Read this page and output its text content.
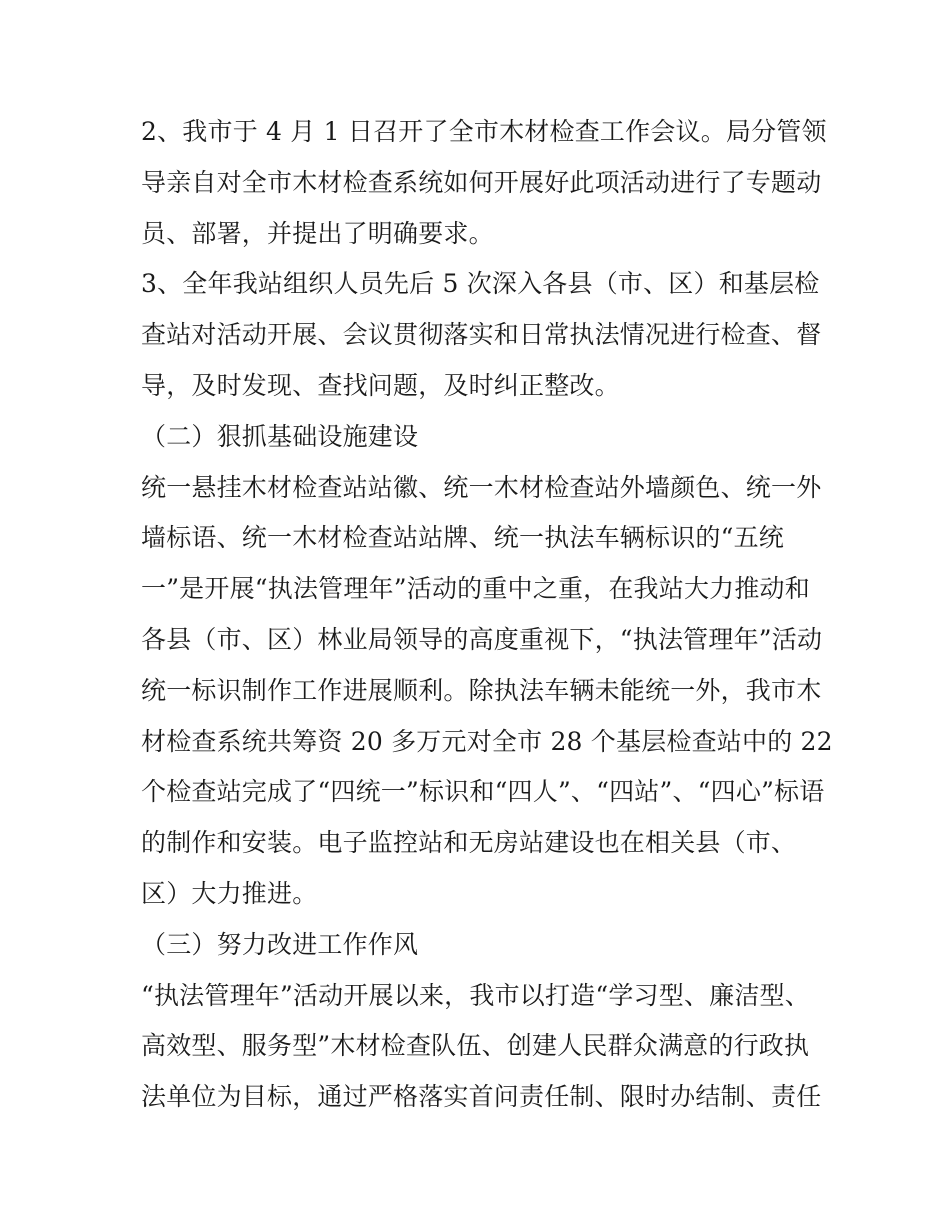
2、我市于 4 月 1 日召开了全市木材检查工作会议。局分管领
导亲自对全市木材检查系统如何开展好此项活动进行了专题动
员、部署，并提出了明确要求。
3、全年我站组织人员先后 5 次深入各县（市、区）和基层检
查站对活动开展、会议贯彻落实和日常执法情况进行检查、督
导，及时发现、查找问题，及时纠正整改。
（二）狠抓基础设施建设
统一悬挂木材检查站站徽、统一木材检查站外墙颜色、统一外
墙标语、统一木材检查站站牌、统一执法车辆标识的“五统
一”是开展“执法管理年”活动的重中之重，在我站大力推动和
各县（市、区）林业局领导的高度重视下，“执法管理年”活动
统一标识制作工作进展顺利。除执法车辆未能统一外，我市木
材检查系统共筹资 20 多万元对全市 28 个基层检查站中的 22
个检查站完成了“四统一”标识和“四人”、“四站”、“四心”标语
的制作和安装。电子监控站和无房站建设也在相关县（市、
区）大力推进。
（三）努力改进工作作风
“执法管理年”活动开展以来，我市以打造“学习型、廉洁型、
高效型、服务型”木材检查队伍、创建人民群众满意的行政执
法单位为目标，通过严格落实首问责任制、限时办结制、责任
